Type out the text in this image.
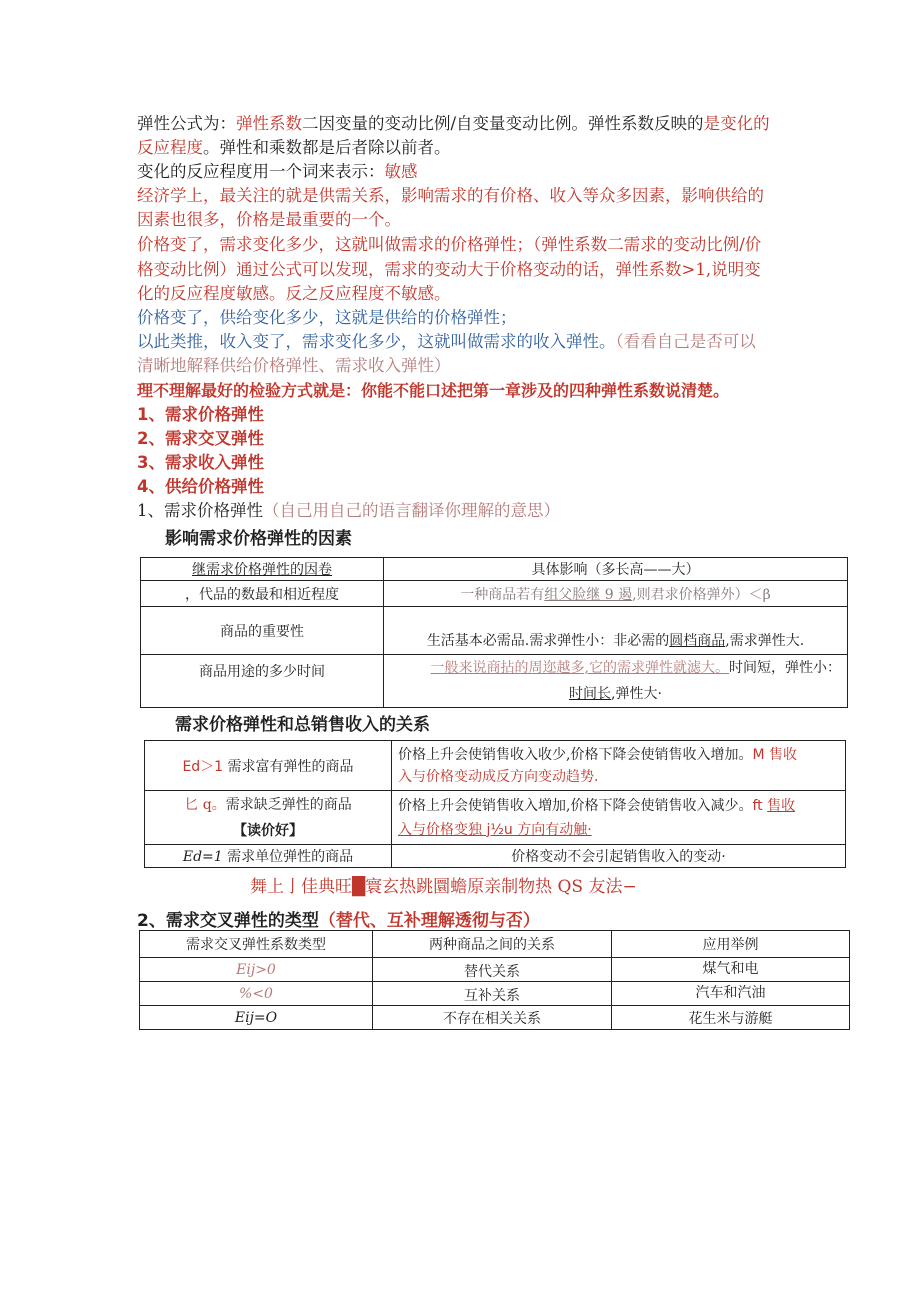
弹性公式为：弹性系数二因变量的变动比例/自变量变动比例。弹性系数反映的是变化的
反应程度。弹性和乘数都是后者除以前者。
变化的反应程度用一个词来表示：敏感
经济学上，最关注的就是供需关系，影响需求的有价格、收入等众多因素，影响供给的
因素也很多，价格是最重要的一个。
价格变了，需求变化多少，这就叫做需求的价格弹性；（弹性系数二需求的变动比例/价
格变动比例）通过公式可以发现，需求的变动大于价格变动的话，弹性系数>1,说明变
化的反应程度敏感。反之反应程度不敏感。
价格变了，供给变化多少，这就是供给的价格弹性；
以此类推，收入变了，需求变化多少，这就叫做需求的收入弹性。（看看自己是否可以
清晰地解释供给价格弹性、需求收入弹性）
理不理解最好的检验方式就是：你能不能口述把第一章涉及的四种弹性系数说清楚。
1、需求价格弹性
2、需求交叉弹性
3、需求收入弹性
4、供给价格弹性
1、需求价格弹性（自己用自己的语言翻译你理解的意思）
影响需求价格弹性的因素
继需求价格弹性的因卷	具体影响（多长高——大）
，代品的数最和相近程度	一种商品若有组父脸继 9 遏,则君求价格弹外）＜β
商品的重要性	生活基本必需品.需求弹性小：非必需的圆档商品,需求弹性大.
商品用途的多少时间	一般来说商拈的周迩越多,它的需求弹性就滤大。时间短，弹性小：
时间长,弹性大·
需求价格弹性和总销售收入的关系
Ed＞1 需求富有弹性的商品	价格上升会使销售收入收少,价格下降会使销售收入增加。M 售收
入与价格变动成反方向变动趋势.
匕 q。需求缺乏弹性的商品
【读价好】	价格上升会使销售收入増加,价格下降会使销售收入减少。ft 售收
入与价格变独 j½u 方向有动触·
Ed=1 需求单位弹性的商品	价格变动不会引起销售收入的变动·
舞上亅佳典旺█寰玄热跳圜蟾原亲制物热 QS 友法−
2、需求交叉弹性的类型（替代、互补理解透彻与否）
需求交叉弹性系数类型	两种商品之间的关系	应用举例
Eij>0	替代关系	煤气和电
%<0	互补关系	汽车和汽油
Eij=O	不存在相关关系	花生米与游艇
